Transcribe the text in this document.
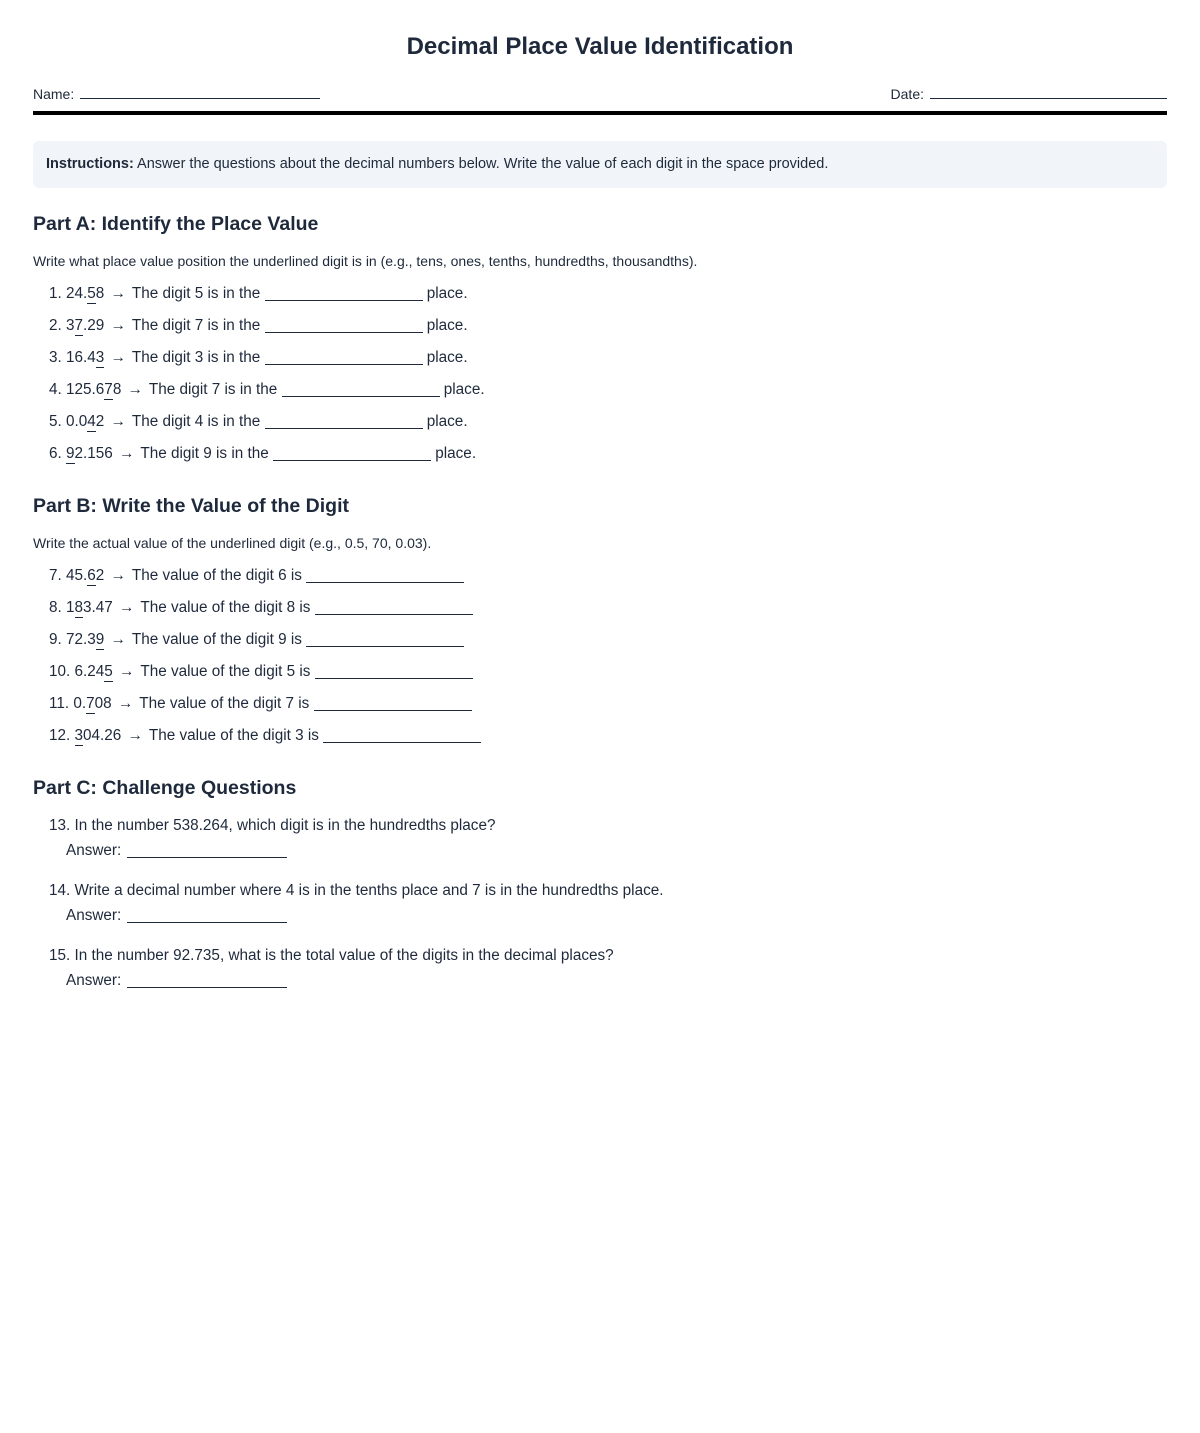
Decimal Place Value Identification
Name:	Date:
Instructions: Answer the questions about the decimal numbers below. Write the value of each digit in the space provided.
Part A: Identify the Place Value

Write what place value position the underlined digit is in (e.g., tens, ones, tenths, hundredths, thousandths).

1. 24.58 → The digit 5 is in the	place.
2. 37.29 → The digit 7 is in the	place.
3. 16.43 → The digit 3 is in the	place.
4. 125.678 → The digit 7 is in the	place.
5. 0.042 → The digit 4 is in the	place.
6. 92.156 → The digit 9 is in the	place.
Part B: Write the Value of the Digit

Write the actual value of the underlined digit (e.g., 0.5, 70, 0.03).

7. 45.62 → The value of the digit 6 is
8. 183.47 → The value of the digit 8 is
9. 72.39 → The value of the digit 9 is
10. 6.245 → The value of the digit 5 is
11. 0.708 → The value of the digit 7 is
12. 304.26 → The value of the digit 3 is
Part C: Challenge Questions
13. In the number 538.264, which digit is in the hundredths place?
Answer:
14. Write a decimal number where 4 is in the tenths place and 7 is in the hundredths place.
Answer:
15. In the number 92.735, what is the total value of the digits in the decimal places?
Answer:
